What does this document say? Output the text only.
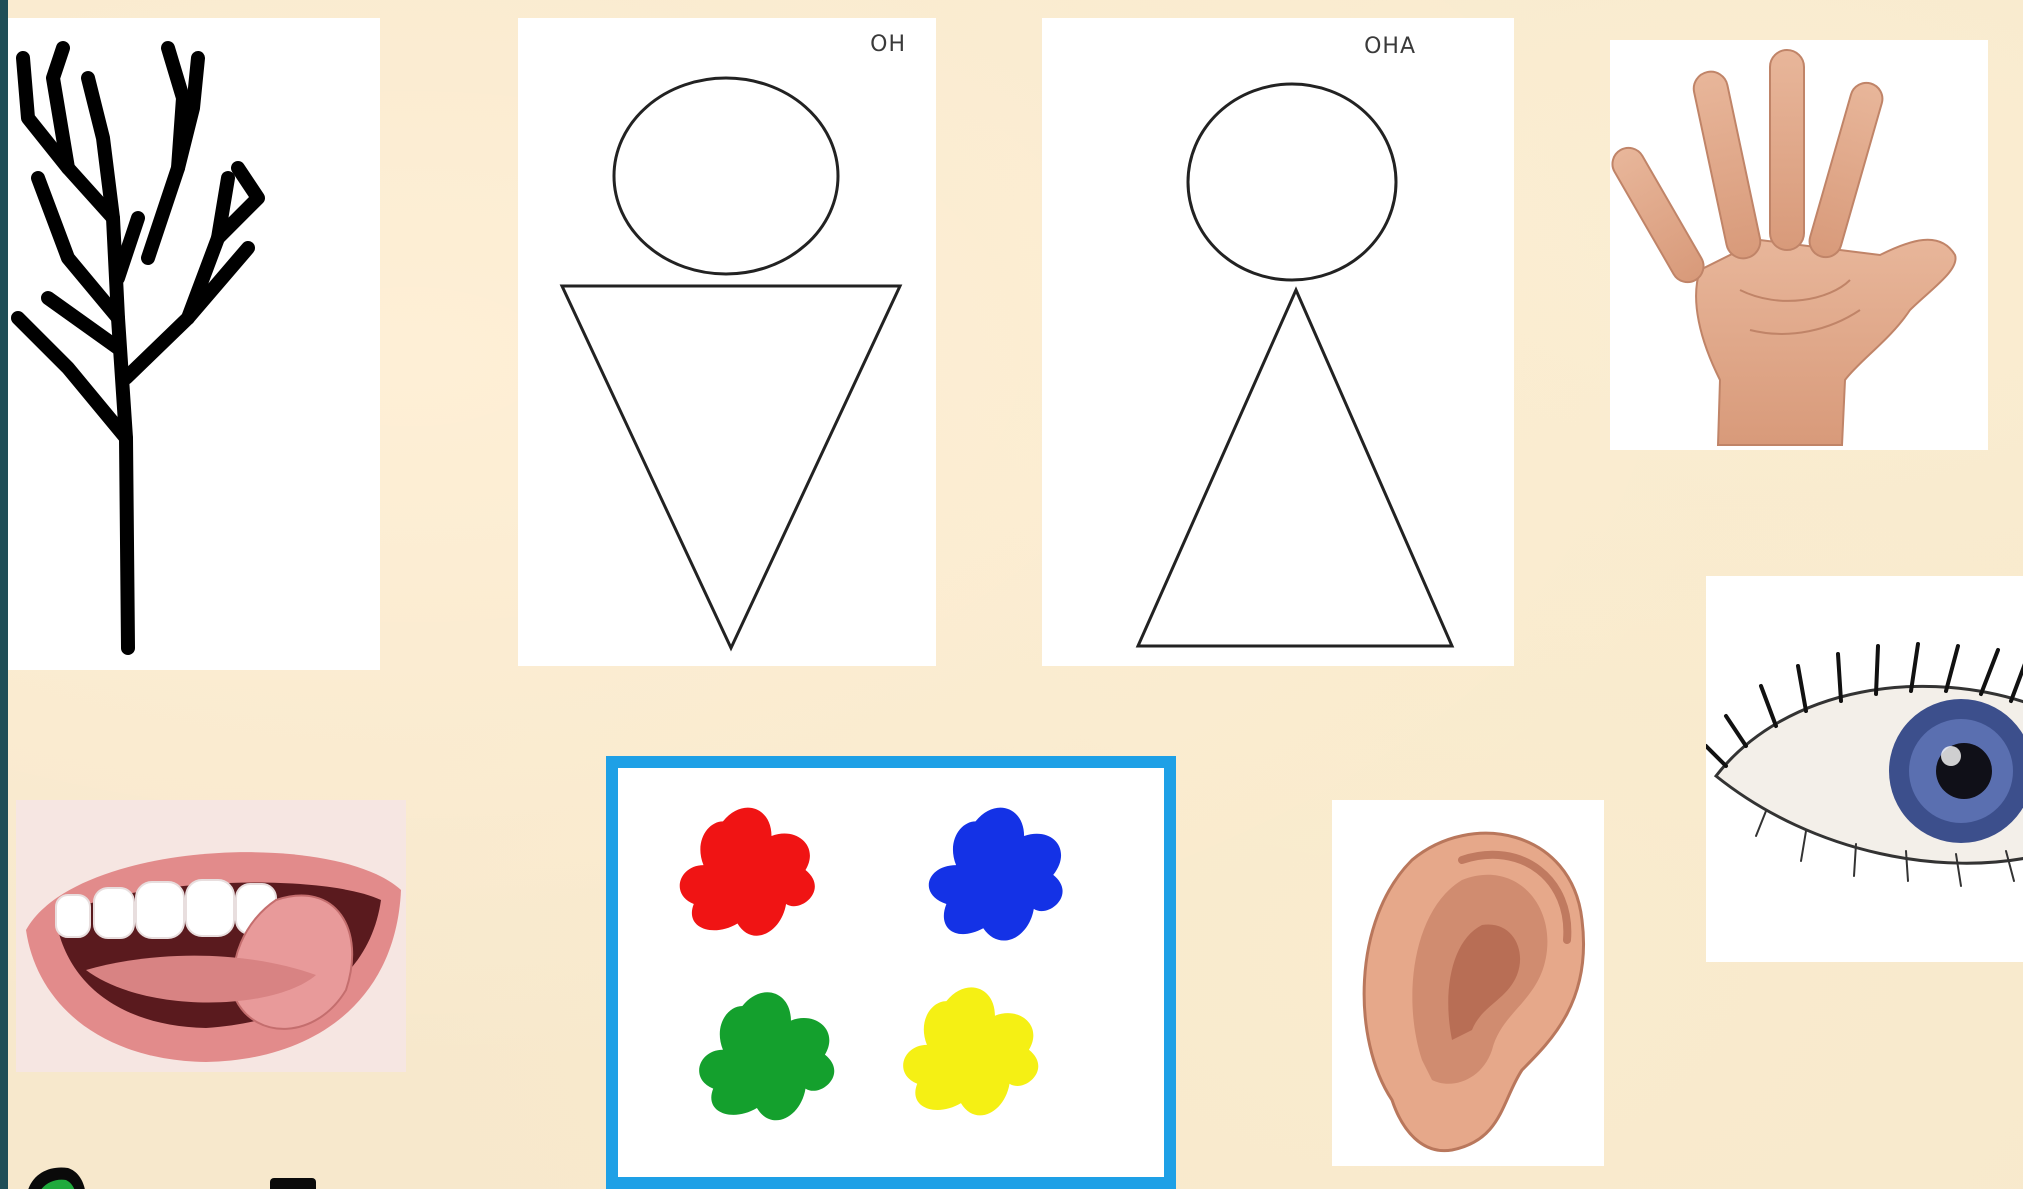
ОН	ОНА
